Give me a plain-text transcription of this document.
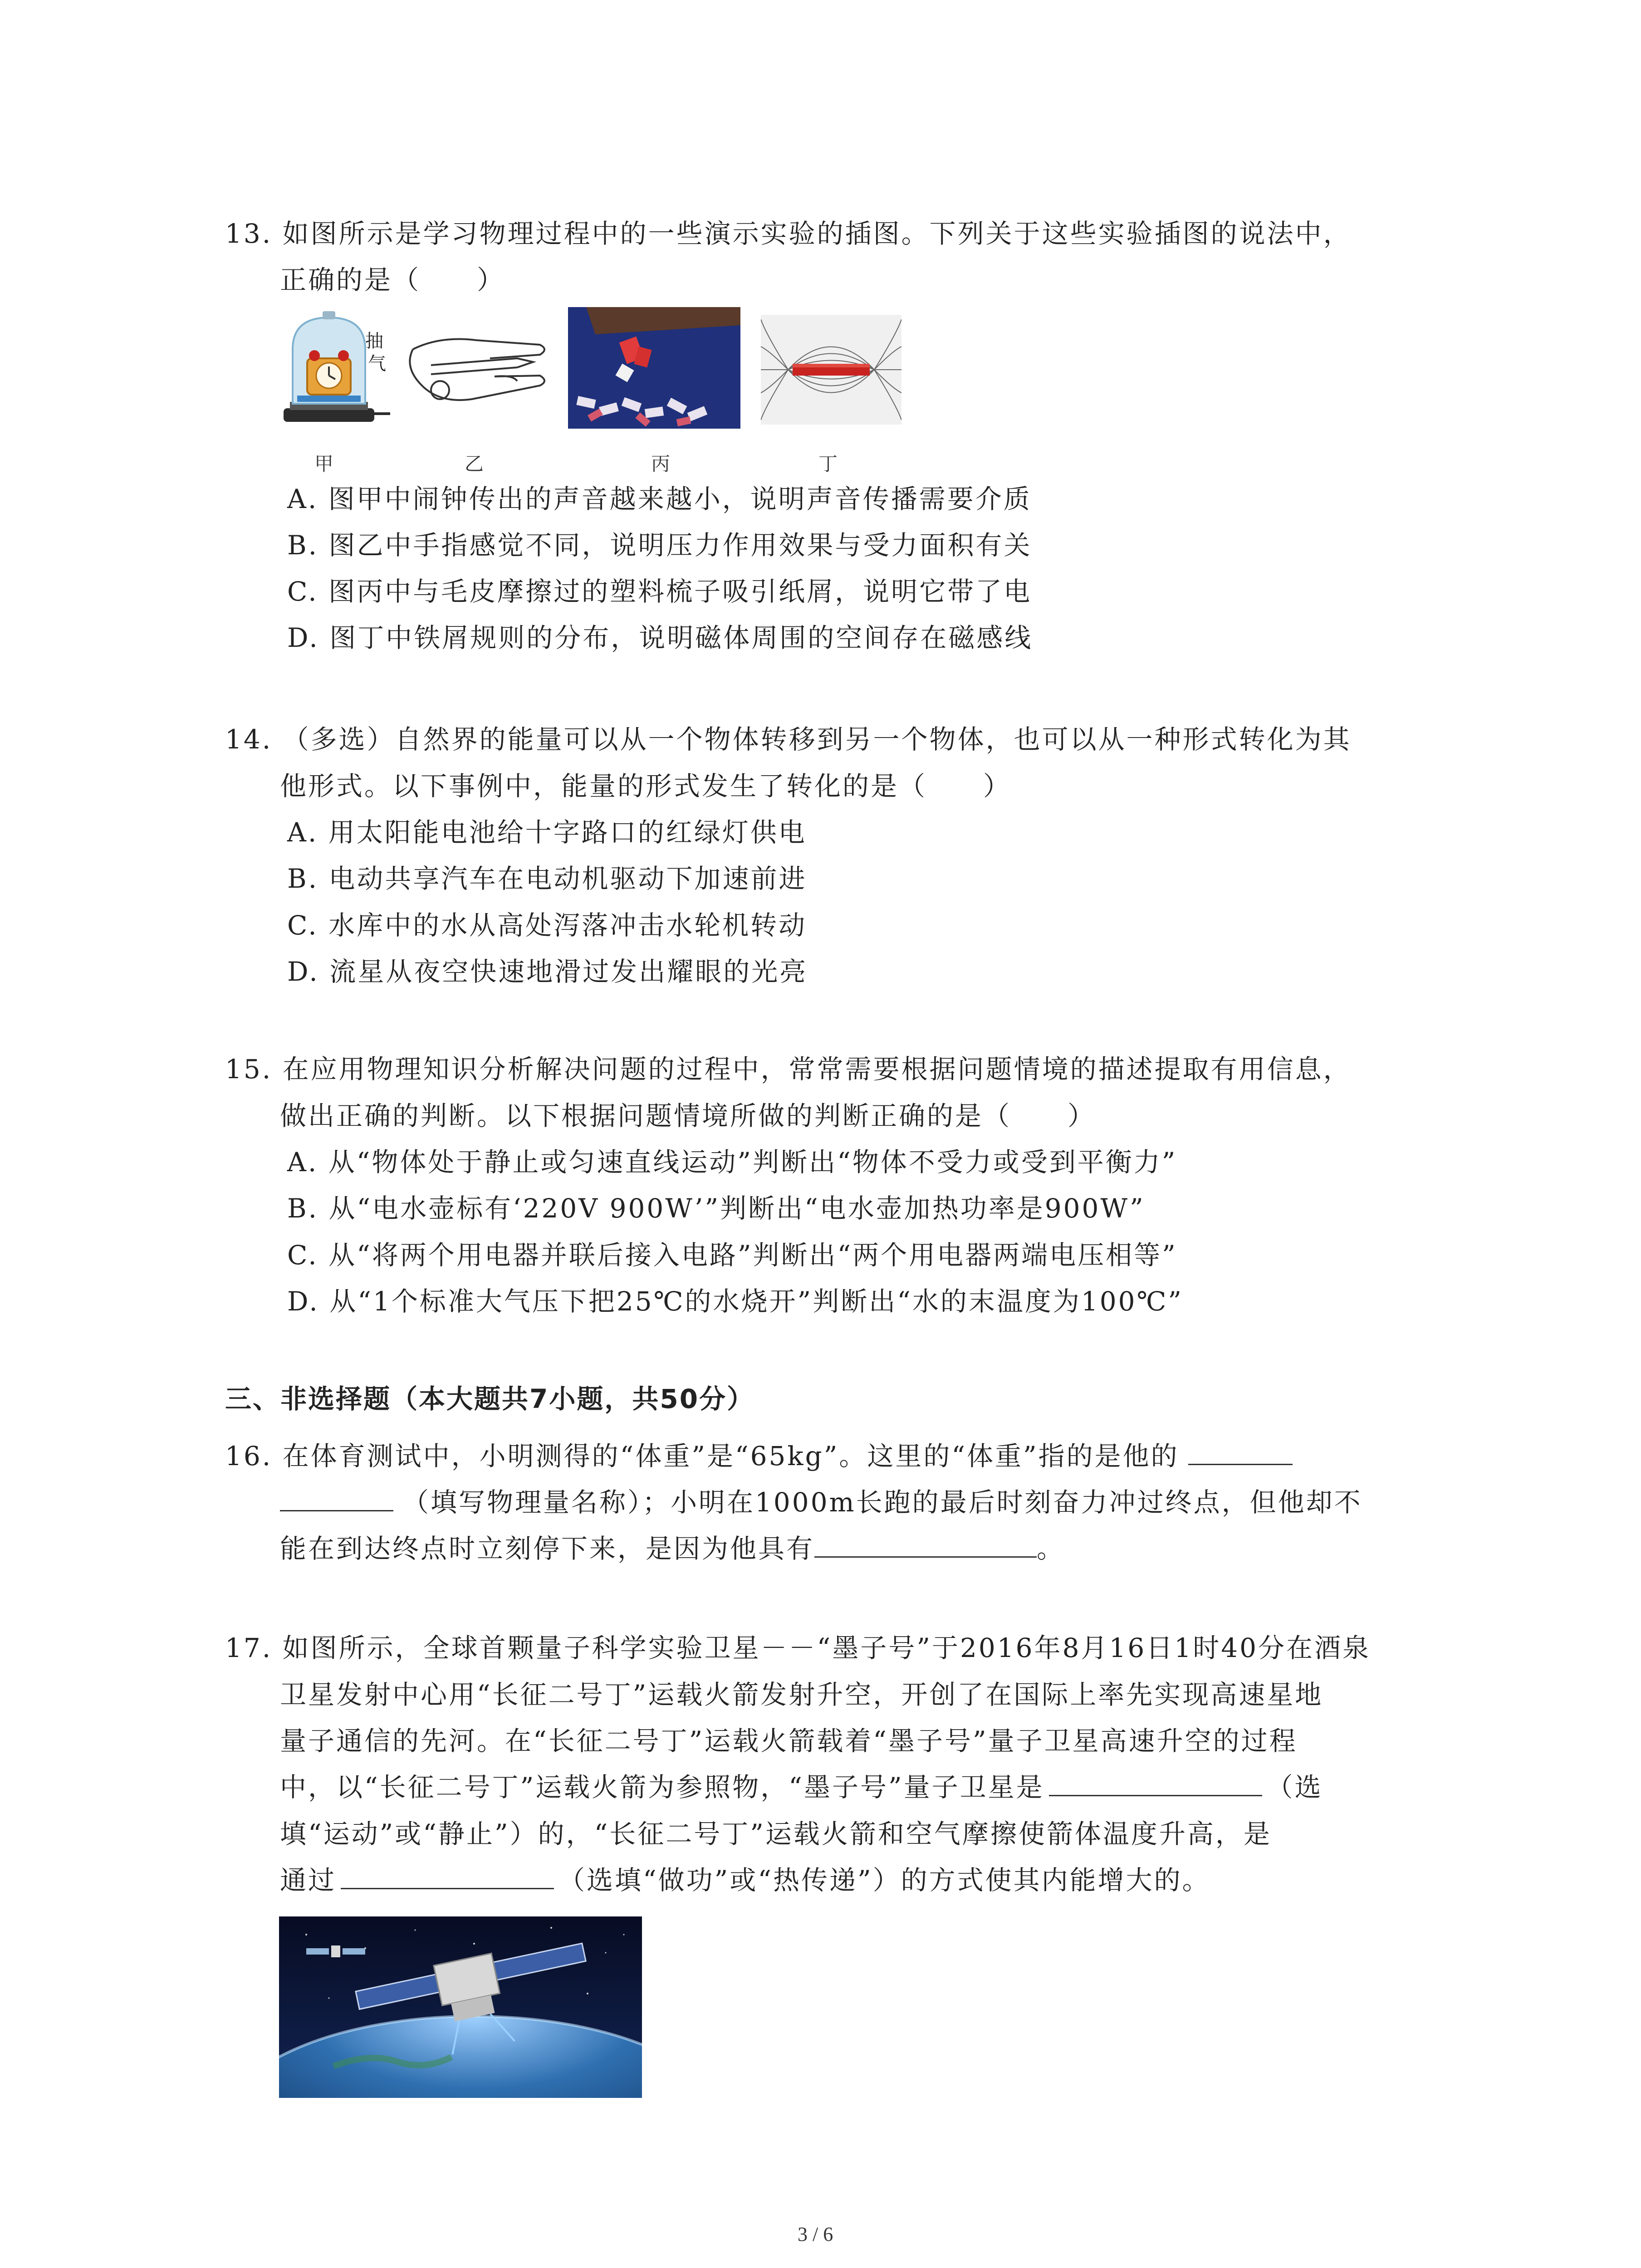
13. 如图所示是学习物理过程中的一些演示实验的插图。下列关于这些实验插图的说法中，
正确的是（　　）
抽
气
甲	乙	丙	丁
A. 图甲中闹钟传出的声音越来越小，说明声音传播需要介质
B. 图乙中手指感觉不同，说明压力作用效果与受力面积有关
C. 图丙中与毛皮摩擦过的塑料梳子吸引纸屑，说明它带了电
D. 图丁中铁屑规则的分布，说明磁体周围的空间存在磁感线
14. （多选）自然界的能量可以从一个物体转移到另一个物体，也可以从一种形式转化为其
他形式。以下事例中，能量的形式发生了转化的是（　　）
A. 用太阳能电池给十字路口的红绿灯供电
B. 电动共享汽车在电动机驱动下加速前进
C. 水库中的水从高处泻落冲击水轮机转动
D. 流星从夜空快速地滑过发出耀眼的光亮
15. 在应用物理知识分析解决问题的过程中，常常需要根据问题情境的描述提取有用信息，
做出正确的判断。以下根据问题情境所做的判断正确的是（　　）
A. 从“物体处于静止或匀速直线运动”判断出“物体不受力或受到平衡力”
B. 从“电水壶标有‘220V 900W’”判断出“电水壶加热功率是900W”
C. 从“将两个用电器并联后接入电路”判断出“两个用电器两端电压相等”
D. 从“1个标准大气压下把25℃的水烧开”判断出“水的末温度为100℃”
三、非选择题（本大题共7小题，共50分）
16. 在体育测试中，小明测得的“体重”是“65kg”。这里的“体重”指的是他的
（填写物理量名称）；小明在1000m长跑的最后时刻奋力冲过终点，但他却不
能在到达终点时立刻停下来，是因为他具有	。
17. 如图所示，全球首颗量子科学实验卫星－－“墨子号”于2016年8月16日1时40分在酒泉
卫星发射中心用“长征二号丁”运载火箭发射升空，开创了在国际上率先实现高速星地
量子通信的先河。在“长征二号丁”运载火箭载着“墨子号”量子卫星高速升空的过程
中，以“长征二号丁”运载火箭为参照物，“墨子号”量子卫星是	（选
填“运动”或“静止”）的，“长征二号丁”运载火箭和空气摩擦使箭体温度升高，是
通过	（选填“做功”或“热传递”）的方式使其内能增大的。
3 / 6
